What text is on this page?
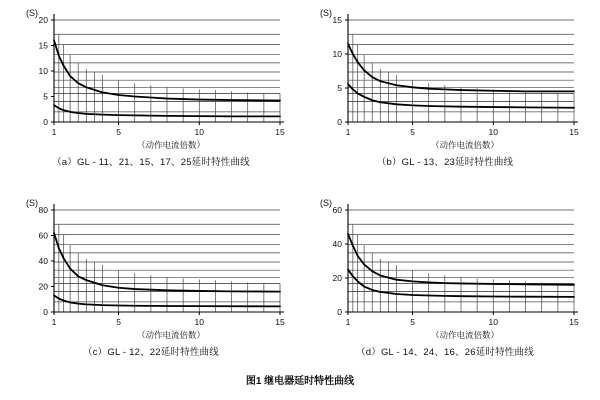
(S)
0
5
10
15
20
1	5	10	15
（动作电流倍数）
（a）GL - 11、21、15、17、25延时特性曲线
(S)
0
5
10
15
1	5	10	15
（动作电流倍数）
（b）GL - 13、23延时特性曲线
(S)
0
20
40
60
80
1	5	10	15
（动作电流倍数）
（c）GL - 12、22延时特性曲线
(S)
0
20
40
60
1	5	10	15
（动作电流倍数）
（d）GL - 14、24、16、26延时特性曲线
图1 继电器延时特性曲线
